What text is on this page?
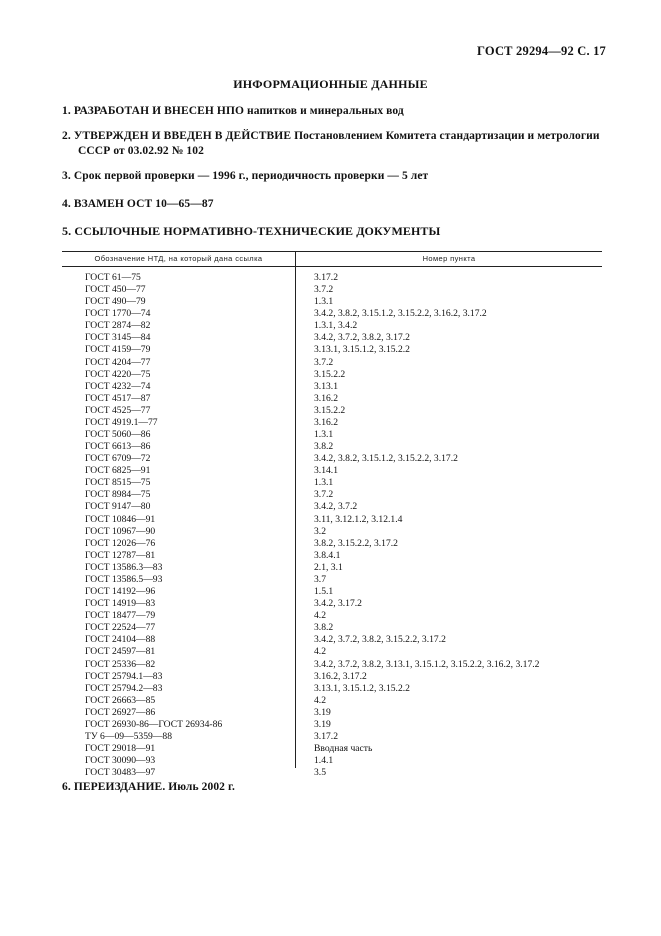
ГОСТ 29294—92 С. 17
ИНФОРМАЦИОННЫЕ ДАННЫЕ
1. РАЗРАБОТАН И ВНЕСЕН НПО напитков и минеральных вод
2. УТВЕРЖДЕН И ВВЕДЕН В ДЕЙСТВИЕ Постановлением Комитета стандартизации и метрологии
СССР от 03.02.92 № 102
3. Срок первой проверки — 1996 г., периодичность проверки — 5 лет
4. ВЗАМЕН ОСТ 10—65—87
5. ССЫЛОЧНЫЕ НОРМАТИВНО-ТЕХНИЧЕСКИЕ ДОКУМЕНТЫ
Обозначение НТД, на который дана ссылка	Номер пункта
ГОСТ 61—75	3.17.2
ГОСТ 450—77	3.7.2
ГОСТ 490—79	1.3.1
ГОСТ 1770—74	3.4.2, 3.8.2, 3.15.1.2, 3.15.2.2, 3.16.2, 3.17.2
ГОСТ 2874—82	1.3.1, 3.4.2
ГОСТ 3145—84	3.4.2, 3.7.2, 3.8.2, 3.17.2
ГОСТ 4159—79	3.13.1, 3.15.1.2, 3.15.2.2
ГОСТ 4204—77	3.7.2
ГОСТ 4220—75	3.15.2.2
ГОСТ 4232—74	3.13.1
ГОСТ 4517—87	3.16.2
ГОСТ 4525—77	3.15.2.2
ГОСТ 4919.1—77	3.16.2
ГОСТ 5060—86	1.3.1
ГОСТ 6613—86	3.8.2
ГОСТ 6709—72	3.4.2, 3.8.2, 3.15.1.2, 3.15.2.2, 3.17.2
ГОСТ 6825—91	3.14.1
ГОСТ 8515—75	1.3.1
ГОСТ 8984—75	3.7.2
ГОСТ 9147—80	3.4.2, 3.7.2
ГОСТ 10846—91	3.11, 3.12.1.2, 3.12.1.4
ГОСТ 10967—90	3.2
ГОСТ 12026—76	3.8.2, 3.15.2.2, 3.17.2
ГОСТ 12787—81	3.8.4.1
ГОСТ 13586.3—83	2.1, 3.1
ГОСТ 13586.5—93	3.7
ГОСТ 14192—96	1.5.1
ГОСТ 14919—83	3.4.2, 3.17.2
ГОСТ 18477—79	4.2
ГОСТ 22524—77	3.8.2
ГОСТ 24104—88	3.4.2, 3.7.2, 3.8.2, 3.15.2.2, 3.17.2
ГОСТ 24597—81	4.2
ГОСТ 25336—82	3.4.2, 3.7.2, 3.8.2, 3.13.1, 3.15.1.2, 3.15.2.2, 3.16.2, 3.17.2
ГОСТ 25794.1—83	3.16.2, 3.17.2
ГОСТ 25794.2—83	3.13.1, 3.15.1.2, 3.15.2.2
ГОСТ 26663—85	4.2
ГОСТ 26927—86	3.19
ГОСТ 26930-86—ГОСТ 26934-86	3.19
ТУ 6—09—5359—88	3.17.2
ГОСТ 29018—91	Вводная часть
ГОСТ 30090—93	1.4.1
ГОСТ 30483—97	3.5
6. ПЕРЕИЗДАНИЕ. Июль 2002 г.
